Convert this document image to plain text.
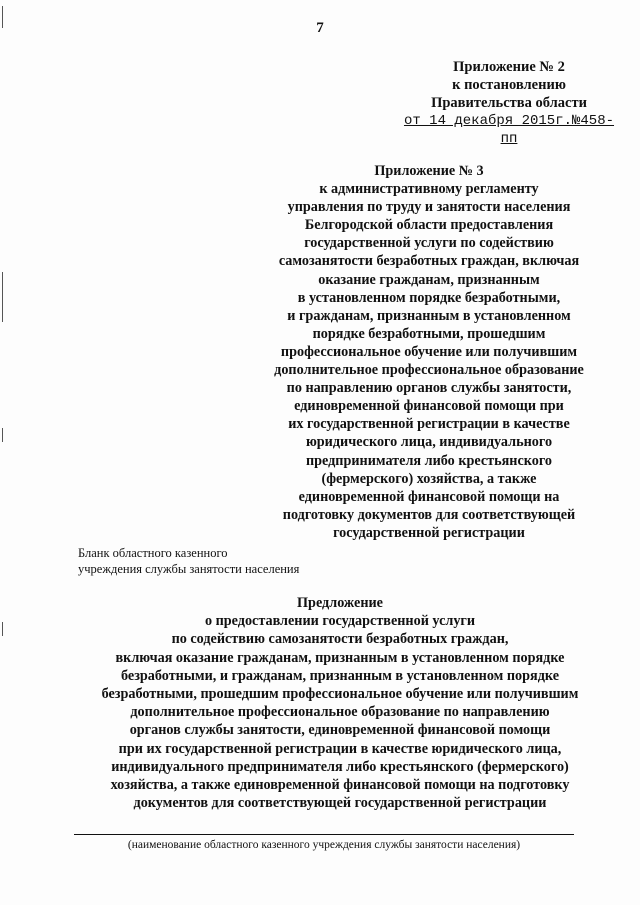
7
Приложение № 2
к постановлению
Правительства области
от 14 декабря 2015г.№458-пп
Приложение № 3
к административному регламенту
управления по труду и занятости населения
Белгородской области предоставления
государственной услуги по содействию
самозанятости безработных граждан, включая
оказание гражданам, признанным
в установленном порядке безработными,
и гражданам, признанным в установленном
порядке безработными, прошедшим
профессиональное обучение или получившим
дополнительное профессиональное образование
по направлению органов службы занятости,
единовременной финансовой помощи при
их государственной регистрации в качестве
юридического лица, индивидуального
предпринимателя либо крестьянского
(фермерского) хозяйства, а также
единовременной финансовой помощи на
подготовку документов для соответствующей
государственной регистрации
Бланк областного казенного
учреждения службы занятости населения
Предложение
о предоставлении государственной услуги
по содействию самозанятости безработных граждан,
включая оказание гражданам, признанным в установленном порядке
безработными, и гражданам, признанным в установленном порядке
безработными, прошедшим профессиональное обучение или получившим
дополнительное профессиональное образование по направлению
органов службы занятости, единовременной финансовой помощи
при их государственной регистрации в качестве юридического лица,
индивидуального предпринимателя либо крестьянского (фермерского)
хозяйства, а также единовременной финансовой помощи на подготовку
документов для соответствующей государственной регистрации
(наименование областного казенного учреждения службы занятости населения)
